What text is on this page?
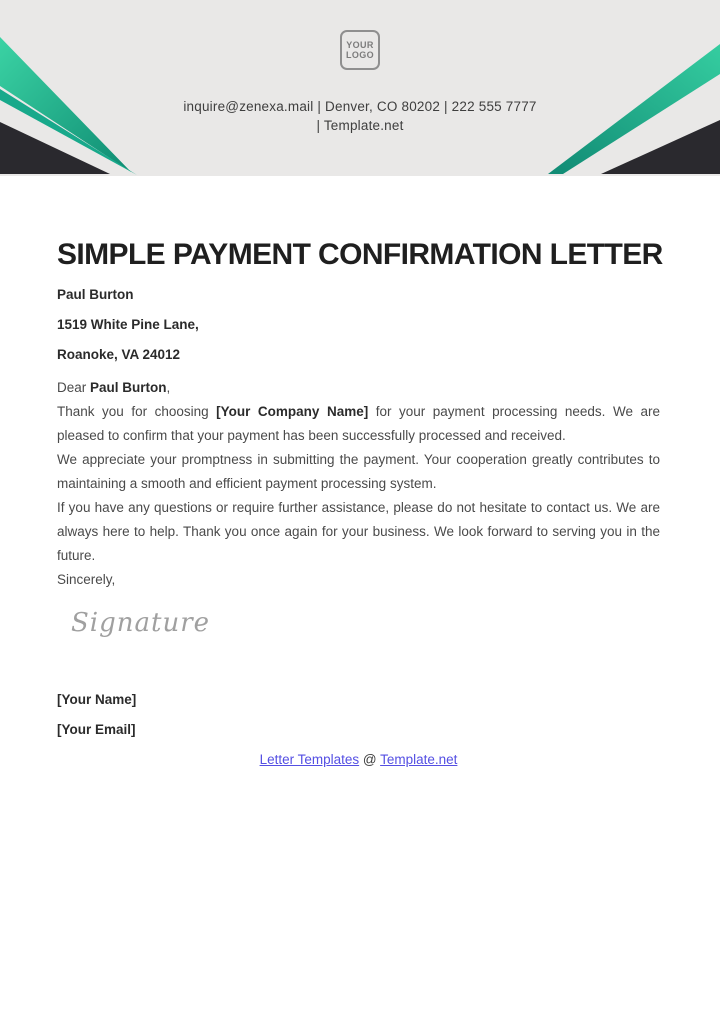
YOUR
LOGO
inquire@zenexa.mail | Denver, CO 80202 | 222 555 7777
| Template.net
SIMPLE PAYMENT CONFIRMATION LETTER

Paul Burton

1519 White Pine Lane,

Roanoke, VA 24012

Dear Paul Burton,

Thank you for choosing [Your Company Name] for your payment processing needs. We are pleased to confirm that your payment has been successfully processed and received.

We appreciate your promptness in submitting the payment. Your cooperation greatly contributes to maintaining a smooth and efficient payment processing system.

If you have any questions or require further assistance, please do not hesitate to contact us. We are always here to help. Thank you once again for your business. We look forward to serving you in the future.

Sincerely,

Signature

[Your Name]

[Your Email]

Letter Templates @ Template.net
